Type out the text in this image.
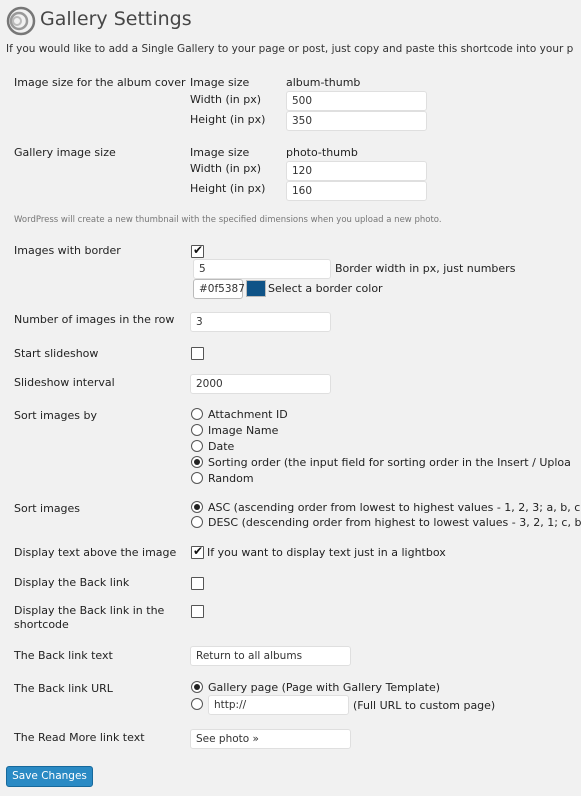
Gallery Settings
If you would like to add a Single Gallery to your page or post, just copy and paste this shortcode into your p
Image size for the album cover Image size	album-thumb
Width (in px)	500
Height (in px)	350
Gallery image size	Image size	photo-thumb
Width (in px)	120
Height (in px)	160
WordPress will create a new thumbnail with the specified dimensions when you upload a new photo.
Images with border	✔
5	Border width in px, just numbers
#0f5387 Select a border color
Number of images in the row	3
Start slideshow
Slideshow interval	2000
Sort images by	Attachment ID
Image Name
Date
Sorting order (the input field for sorting order in the Insert / Uploa
Random
Sort images	ASC (ascending order from lowest to highest values - 1, 2, 3; a, b, c
DESC (descending order from highest to lowest values - 3, 2, 1; c, b
Display text above the image ✔ If you want to display text just in a lightbox
Display the Back link
Display the Back link in the shortcode
The Back link text	Return to all albums
The Back link URL	Gallery page (Page with Gallery Template)
http://	(Full URL to custom page)
The Read More link text	See photo »
Save Changes
